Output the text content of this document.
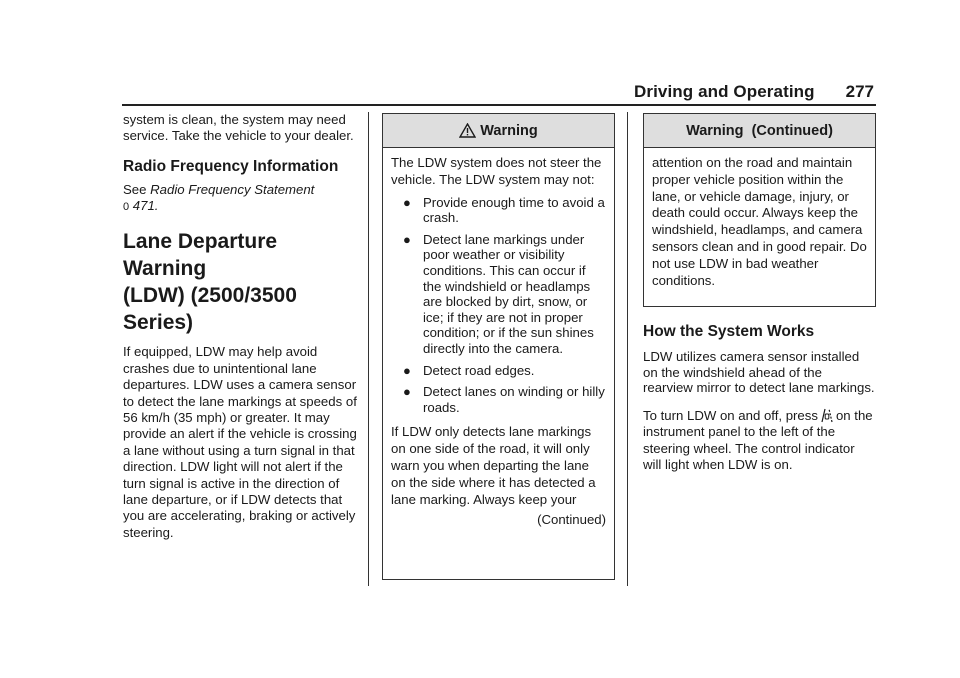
Driving and Operating 277

system is clean, the system may need service. Take the vehicle to your dealer.

Radio Frequency Information

See Radio Frequency Statement
0 471.

Lane Departure Warning
(LDW) (2500/3500 Series)

If equipped, LDW may help avoid crashes due to unintentional lane departures. LDW uses a camera sensor to detect the lane markings at speeds of 56 km/h (35 mph) or greater. It may provide an alert if the vehicle is crossing a lane without using a turn signal in that direction. LDW light will not alert if the turn signal is active in the direction of lane departure, or if LDW detects that you are accelerating, braking or actively steering.

Warning

The LDW system does not steer the vehicle. The LDW system may not:

● Provide enough time to avoid a crash.

● Detect lane markings under poor weather or visibility conditions. This can occur if the windshield or headlamps are blocked by dirt, snow, or ice; if they are not in proper condition; or if the sun shines directly into the camera.

● Detect road edges.

● Detect lanes on winding or hilly roads.

If LDW only detects lane markings on one side of the road, it will only warn you when departing the lane on the side where it has detected a lane marking. Always keep your

(Continued)

Warning  (Continued)

attention on the road and maintain proper vehicle position within the lane, or vehicle damage, injury, or death could occur. Always keep the windshield, headlamps, and camera sensors clean and in good repair. Do not use LDW in bad weather conditions.

How the System Works

LDW utilizes camera sensor installed on the windshield ahead of the rearview mirror to detect lane markings.

To turn LDW on and off, press on the instrument panel to the left of the steering wheel. The control indicator will light when LDW is on.
